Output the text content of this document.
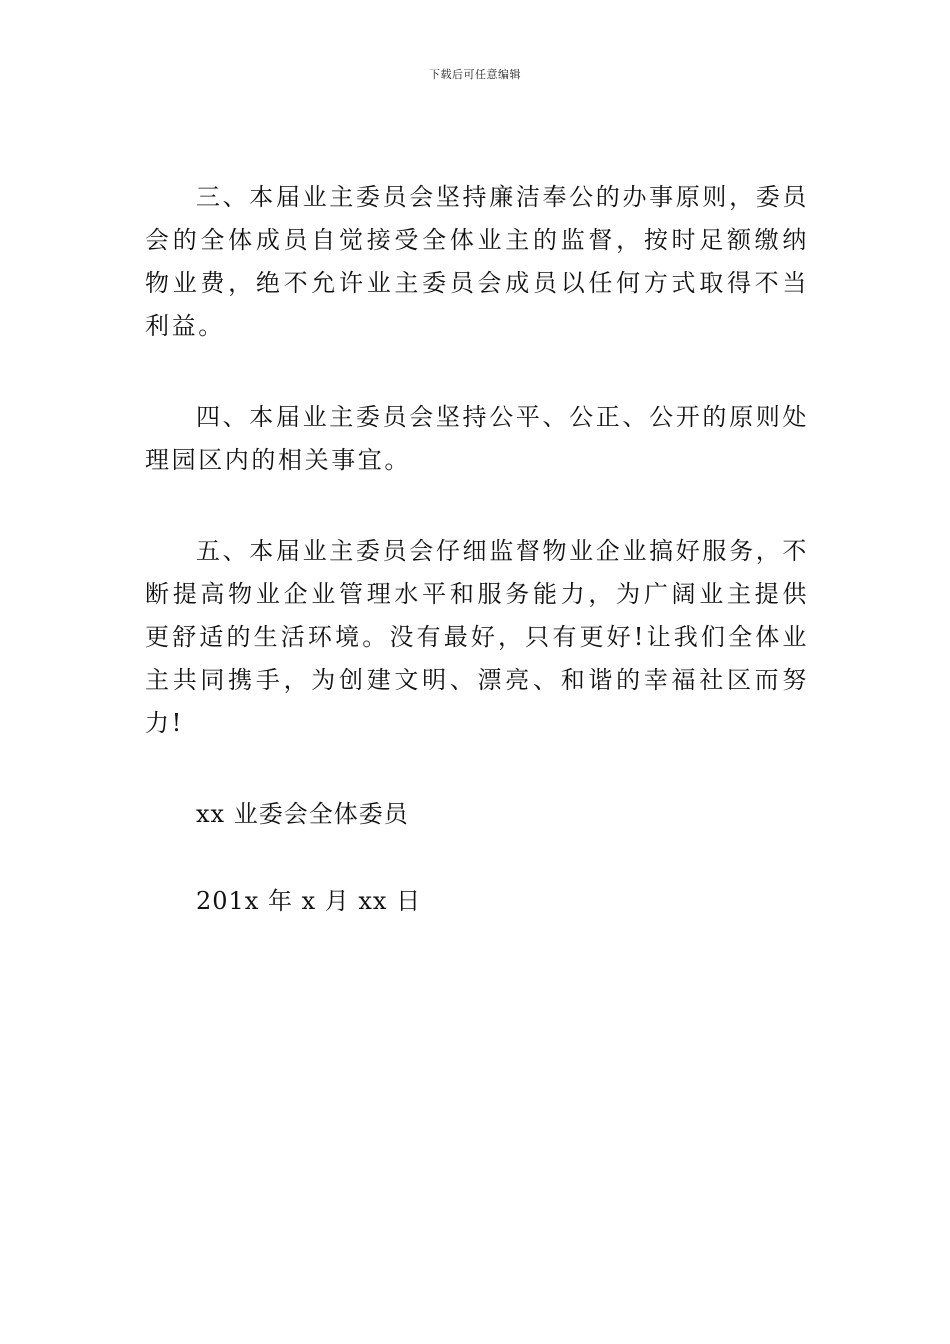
下载后可任意编辑

三、本届业主委员会坚持廉洁奉公的办事原则，委员会的全体成员自觉接受全体业主的监督，按时足额缴纳物业费，绝不允许业主委员会成员以任何方式取得不当利益。

四、本届业主委员会坚持公平、公正、公开的原则处理园区内的相关事宜。

五、本届业主委员会仔细监督物业企业搞好服务，不断提高物业企业管理水平和服务能力，为广阔业主提供更舒适的生活环境。没有最好，只有更好!让我们全体业主共同携手，为创建文明、漂亮、和谐的幸福社区而努力!

xx 业委会全体委员

201x 年 x 月 xx 日
